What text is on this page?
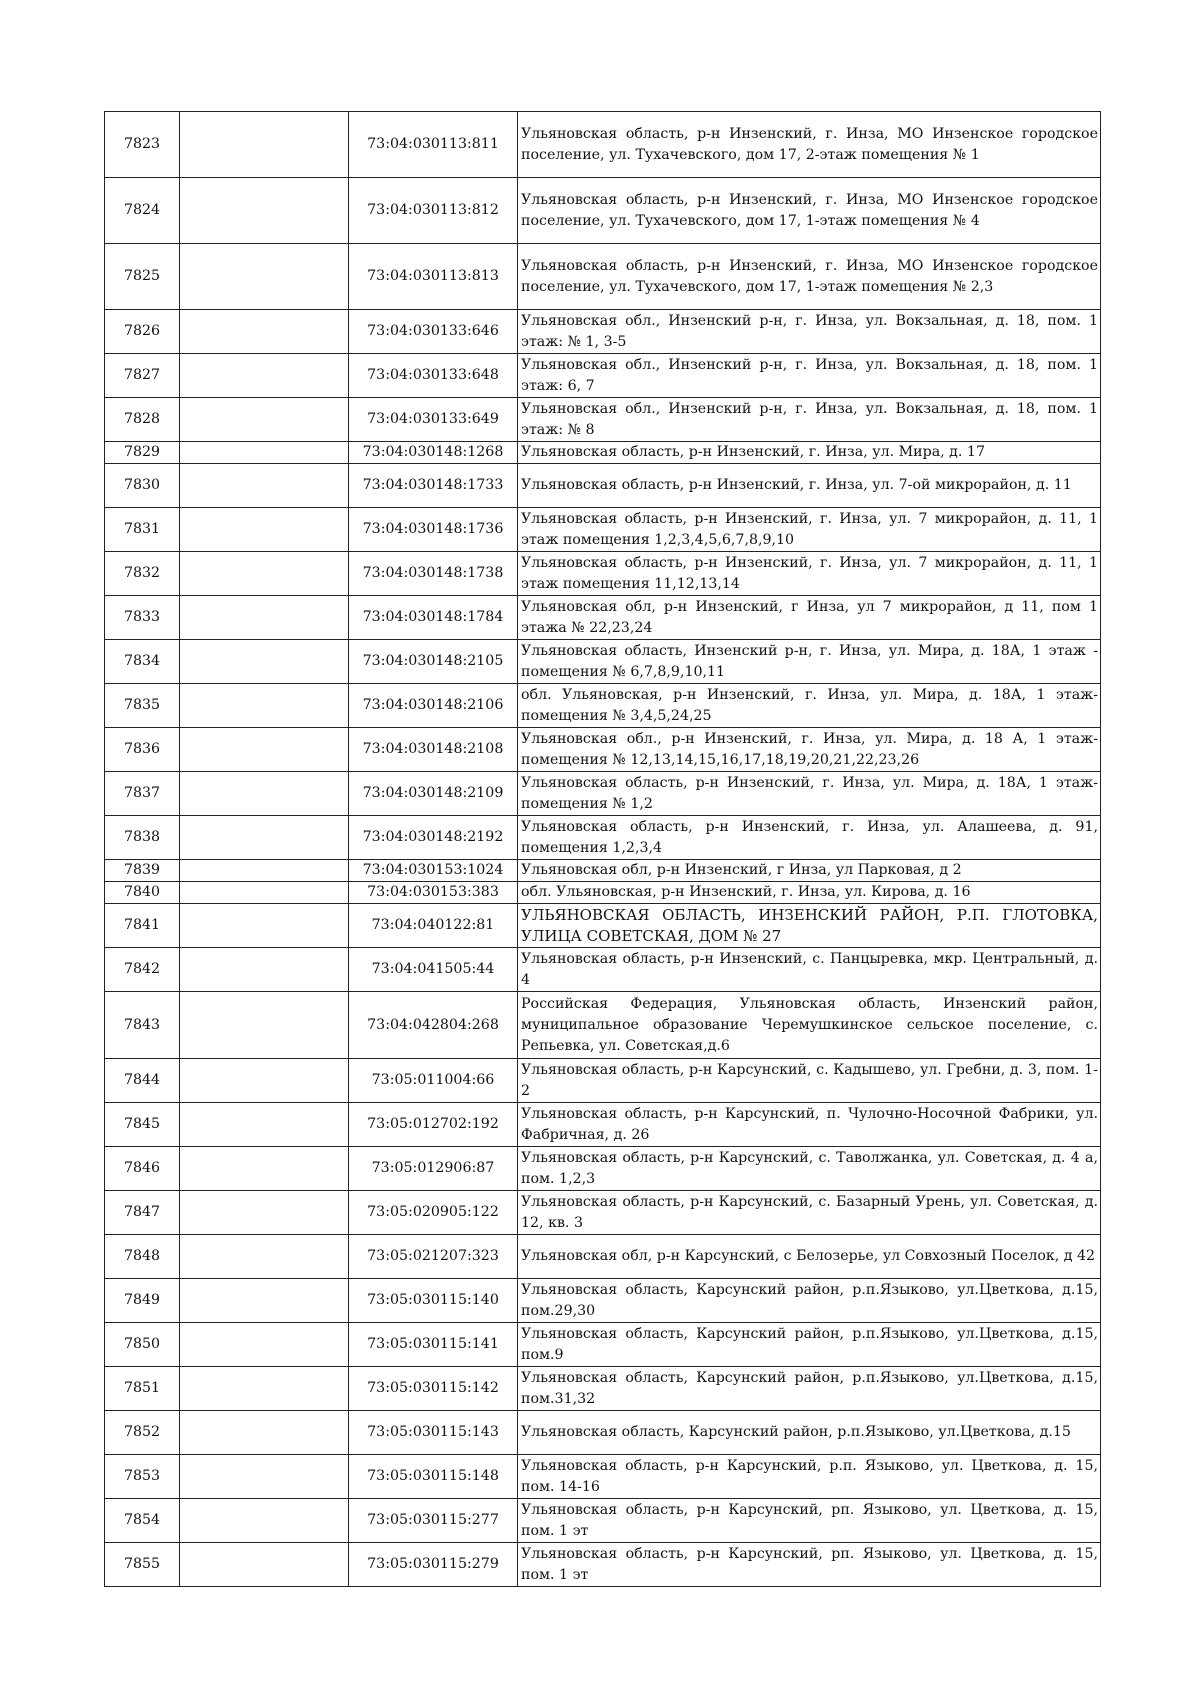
7823		73:04:030113:811	Ульяновская область, р-н Инзенский, г. Инза, МО Инзенское городское поселение, ул. Тухачевского, дом 17, 2-этаж помещения № 1
7824		73:04:030113:812	Ульяновская область, р-н Инзенский, г. Инза, МО Инзенское городское поселение, ул. Тухачевского, дом 17, 1-этаж помещения № 4
7825		73:04:030113:813	Ульяновская область, р-н Инзенский, г. Инза, МО Инзенское городское поселение, ул. Тухачевского, дом 17, 1-этаж помещения № 2,3
7826		73:04:030133:646	Ульяновская обл., Инзенский р-н, г. Инза, ул. Вокзальная, д. 18, пом. 1 этаж: № 1, 3-5
7827		73:04:030133:648	Ульяновская обл., Инзенский р-н, г. Инза, ул. Вокзальная, д. 18, пом. 1 этаж: 6, 7
7828		73:04:030133:649	Ульяновская обл., Инзенский р-н, г. Инза, ул. Вокзальная, д. 18, пом. 1 этаж: № 8
7829		73:04:030148:1268	Ульяновская область, р-н Инзенский, г. Инза, ул. Мира, д. 17
7830		73:04:030148:1733	Ульяновская область, р-н Инзенский, г. Инза, ул. 7-ой микрорайон, д. 11
7831		73:04:030148:1736	Ульяновская область, р-н Инзенский, г. Инза, ул. 7 микрорайон, д. 11, 1 этаж помещения 1,2,3,4,5,6,7,8,9,10
7832		73:04:030148:1738	Ульяновская область, р-н Инзенский, г. Инза, ул. 7 микрорайон, д. 11, 1 этаж помещения 11,12,13,14
7833		73:04:030148:1784	Ульяновская обл, р-н Инзенский, г Инза, ул 7 микрорайон, д 11, пом 1 этажа № 22,23,24
7834		73:04:030148:2105	Ульяновская область, Инзенский р-н, г. Инза, ул. Мира, д. 18А, 1 этаж - помещения № 6,7,8,9,10,11
7835		73:04:030148:2106	обл. Ульяновская, р-н Инзенский, г. Инза, ул. Мира, д. 18А, 1 этаж-помещения № 3,4,5,24,25
7836		73:04:030148:2108	Ульяновская обл., р-н Инзенский, г. Инза, ул. Мира, д. 18 А, 1 этаж-помещения № 12,13,14,15,16,17,18,19,20,21,22,23,26
7837		73:04:030148:2109	Ульяновская область, р-н Инзенский, г. Инза, ул. Мира, д. 18А, 1 этаж-помещения № 1,2
7838		73:04:030148:2192	Ульяновская область, р-н Инзенский, г. Инза, ул. Алашеева, д. 91, помещения 1,2,3,4
7839		73:04:030153:1024	Ульяновская обл, р-н Инзенский, г Инза, ул Парковая, д 2
7840		73:04:030153:383	обл. Ульяновская, р-н Инзенский, г. Инза, ул. Кирова, д. 16
7841		73:04:040122:81	УЛЬЯНОВСКАЯ ОБЛАСТЬ, ИНЗЕНСКИЙ РАЙОН, Р.П. ГЛОТОВКА, УЛИЦА СОВЕТСКАЯ, ДОМ № 27
7842		73:04:041505:44	Ульяновская область, р-н Инзенский, с. Панцыревка, мкр. Центральный, д. 4
7843		73:04:042804:268	Российская Федерация, Ульяновская область, Инзенский район, муниципальное образование Черемушкинское сельское поселение, с. Репьевка, ул. Советская,д.6
7844		73:05:011004:66	Ульяновская область, р-н Карсунский, с. Кадышево, ул. Гребни, д. 3, пом. 1-2
7845		73:05:012702:192	Ульяновская область, р-н Карсунский, п. Чулочно-Носочной Фабрики, ул. Фабричная, д. 26
7846		73:05:012906:87	Ульяновская область, р-н Карсунский, с. Таволжанка, ул. Советская, д. 4 а, пом. 1,2,3
7847		73:05:020905:122	Ульяновская область, р-н Карсунский, с. Базарный Урень, ул. Советская, д. 12, кв. 3
7848		73:05:021207:323	Ульяновская обл, р-н Карсунский, с Белозерье, ул Совхозный Поселок, д 42
7849		73:05:030115:140	Ульяновская область, Карсунский район, р.п.Языково, ул.Цветкова, д.15, пом.29,30
7850		73:05:030115:141	Ульяновская область, Карсунский район, р.п.Языково, ул.Цветкова, д.15, пом.9
7851		73:05:030115:142	Ульяновская область, Карсунский район, р.п.Языково, ул.Цветкова, д.15, пом.31,32
7852		73:05:030115:143	Ульяновская область, Карсунский район, р.п.Языково, ул.Цветкова, д.15
7853		73:05:030115:148	Ульяновская область, р-н Карсунский, р.п. Языково, ул. Цветкова, д. 15, пом. 14-16
7854		73:05:030115:277	Ульяновская область, р-н Карсунский, рп. Языково, ул. Цветкова, д. 15, пом. 1 эт
7855		73:05:030115:279	Ульяновская область, р-н Карсунский, рп. Языково, ул. Цветкова, д. 15, пом. 1 эт
